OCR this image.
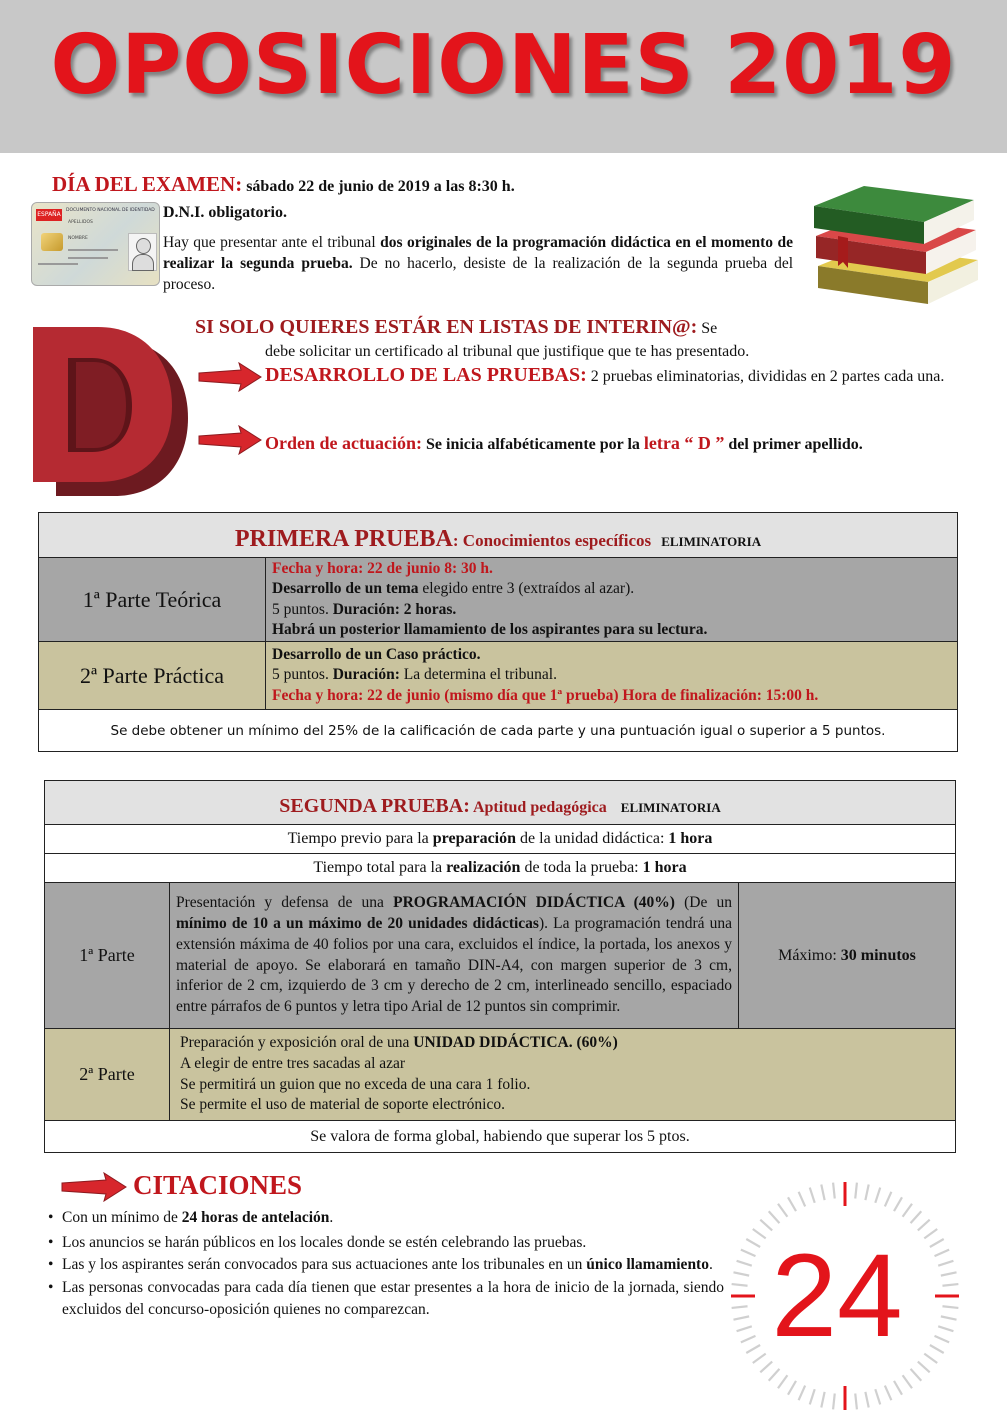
OPOSICIONES 2019
DÍA DEL EXAMEN: sábado 22 de junio de 2019 a las 8:30 h.
ESPAÑA
DOCUMENTO NACIONAL DE IDENTIDAD
APELLIDOS
NOMBRE
D.N.I. obligatorio.
Hay que presentar ante el tribunal dos originales de la programación didáctica en el momento de realizar la segunda prueba. De no hacerlo, desiste de la realización de la segunda prueba del proceso.
SI SOLO QUIERES ESTÁR EN LISTAS DE INTERIN@: Se
debe solicitar un certificado al tribunal que justifique que te has presentado.
DESARROLLO DE LAS PRUEBAS: 2 pruebas eliminatorias, divididas en 2 partes cada una.
Orden de actuación: Se inicia alfabéticamente por la letra “ D ” del primer apellido.
PRIMERA PRUEBA: Conocimientos específicos ELIMINATORIA	
1ª Parte Teórica	Fecha y hora: 22 de junio 8: 30 h.
Desarrollo de un tema elegido entre 3 (extraídos al azar).
5 puntos. Duración: 2 horas.
Habrá un posterior llamamiento de los aspirantes para su lectura.

2ª Parte Práctica	Desarrollo de un Caso práctico.
5 puntos. Duración: La determina el tribunal.
Fecha y hora: 22 de junio (mismo día que 1ª prueba) Hora de finalización: 15:00 h.

Se debe obtener un mínimo del 25% de la calificación de cada parte y una puntuación igual o superior a 5 puntos.	
SEGUNDA PRUEBA: Aptitud pedagógica ELIMINATORIA		
Tiempo previo para la preparación de la unidad didáctica: 1 hora		
Tiempo total para la realización de toda la prueba: 1 hora		
1ª Parte	Presentación y defensa de una PROGRAMACIÓN DIDÁCTICA (40%) (De un mínimo de 10 a un máximo de 20 unidades didácticas). La programación tendrá una extensión máxima de 40 folios por una cara, excluidos el índice, la portada, los anexos y material de apoyo. Se elaborará en tamaño DIN-A4, con margen superior de 3 cm, inferior de 2 cm, izquierdo de 3 cm y derecho de 2 cm, interlineado sencillo, espaciado entre párrafos de 6 puntos y letra tipo Arial de 12 puntos sin comprimir.	Máximo: 30 minutos
2ª Parte	Preparación y exposición oral de una UNIDAD DIDÁCTICA. (60%)
A elegir de entre tres sacadas al azar
Se permitirá un guion que no exceda de una cara 1 folio.
Se permite el uso de material de soporte electrónico.	

Se valora de forma global, habiendo que superar los 5 ptos.		
CITACIONES
• Con un mínimo de 24 horas de antelación.
• Los anuncios se harán públicos en los locales donde se estén celebrando las pruebas.
• Las y los aspirantes serán convocados para sus actuaciones ante los tribunales en un único llamamiento.
• Las personas convocadas para cada día tienen que estar presentes a la hora de inicio de la jornada, siendo excluidos del concurso-oposición quienes no comparezcan.	24
